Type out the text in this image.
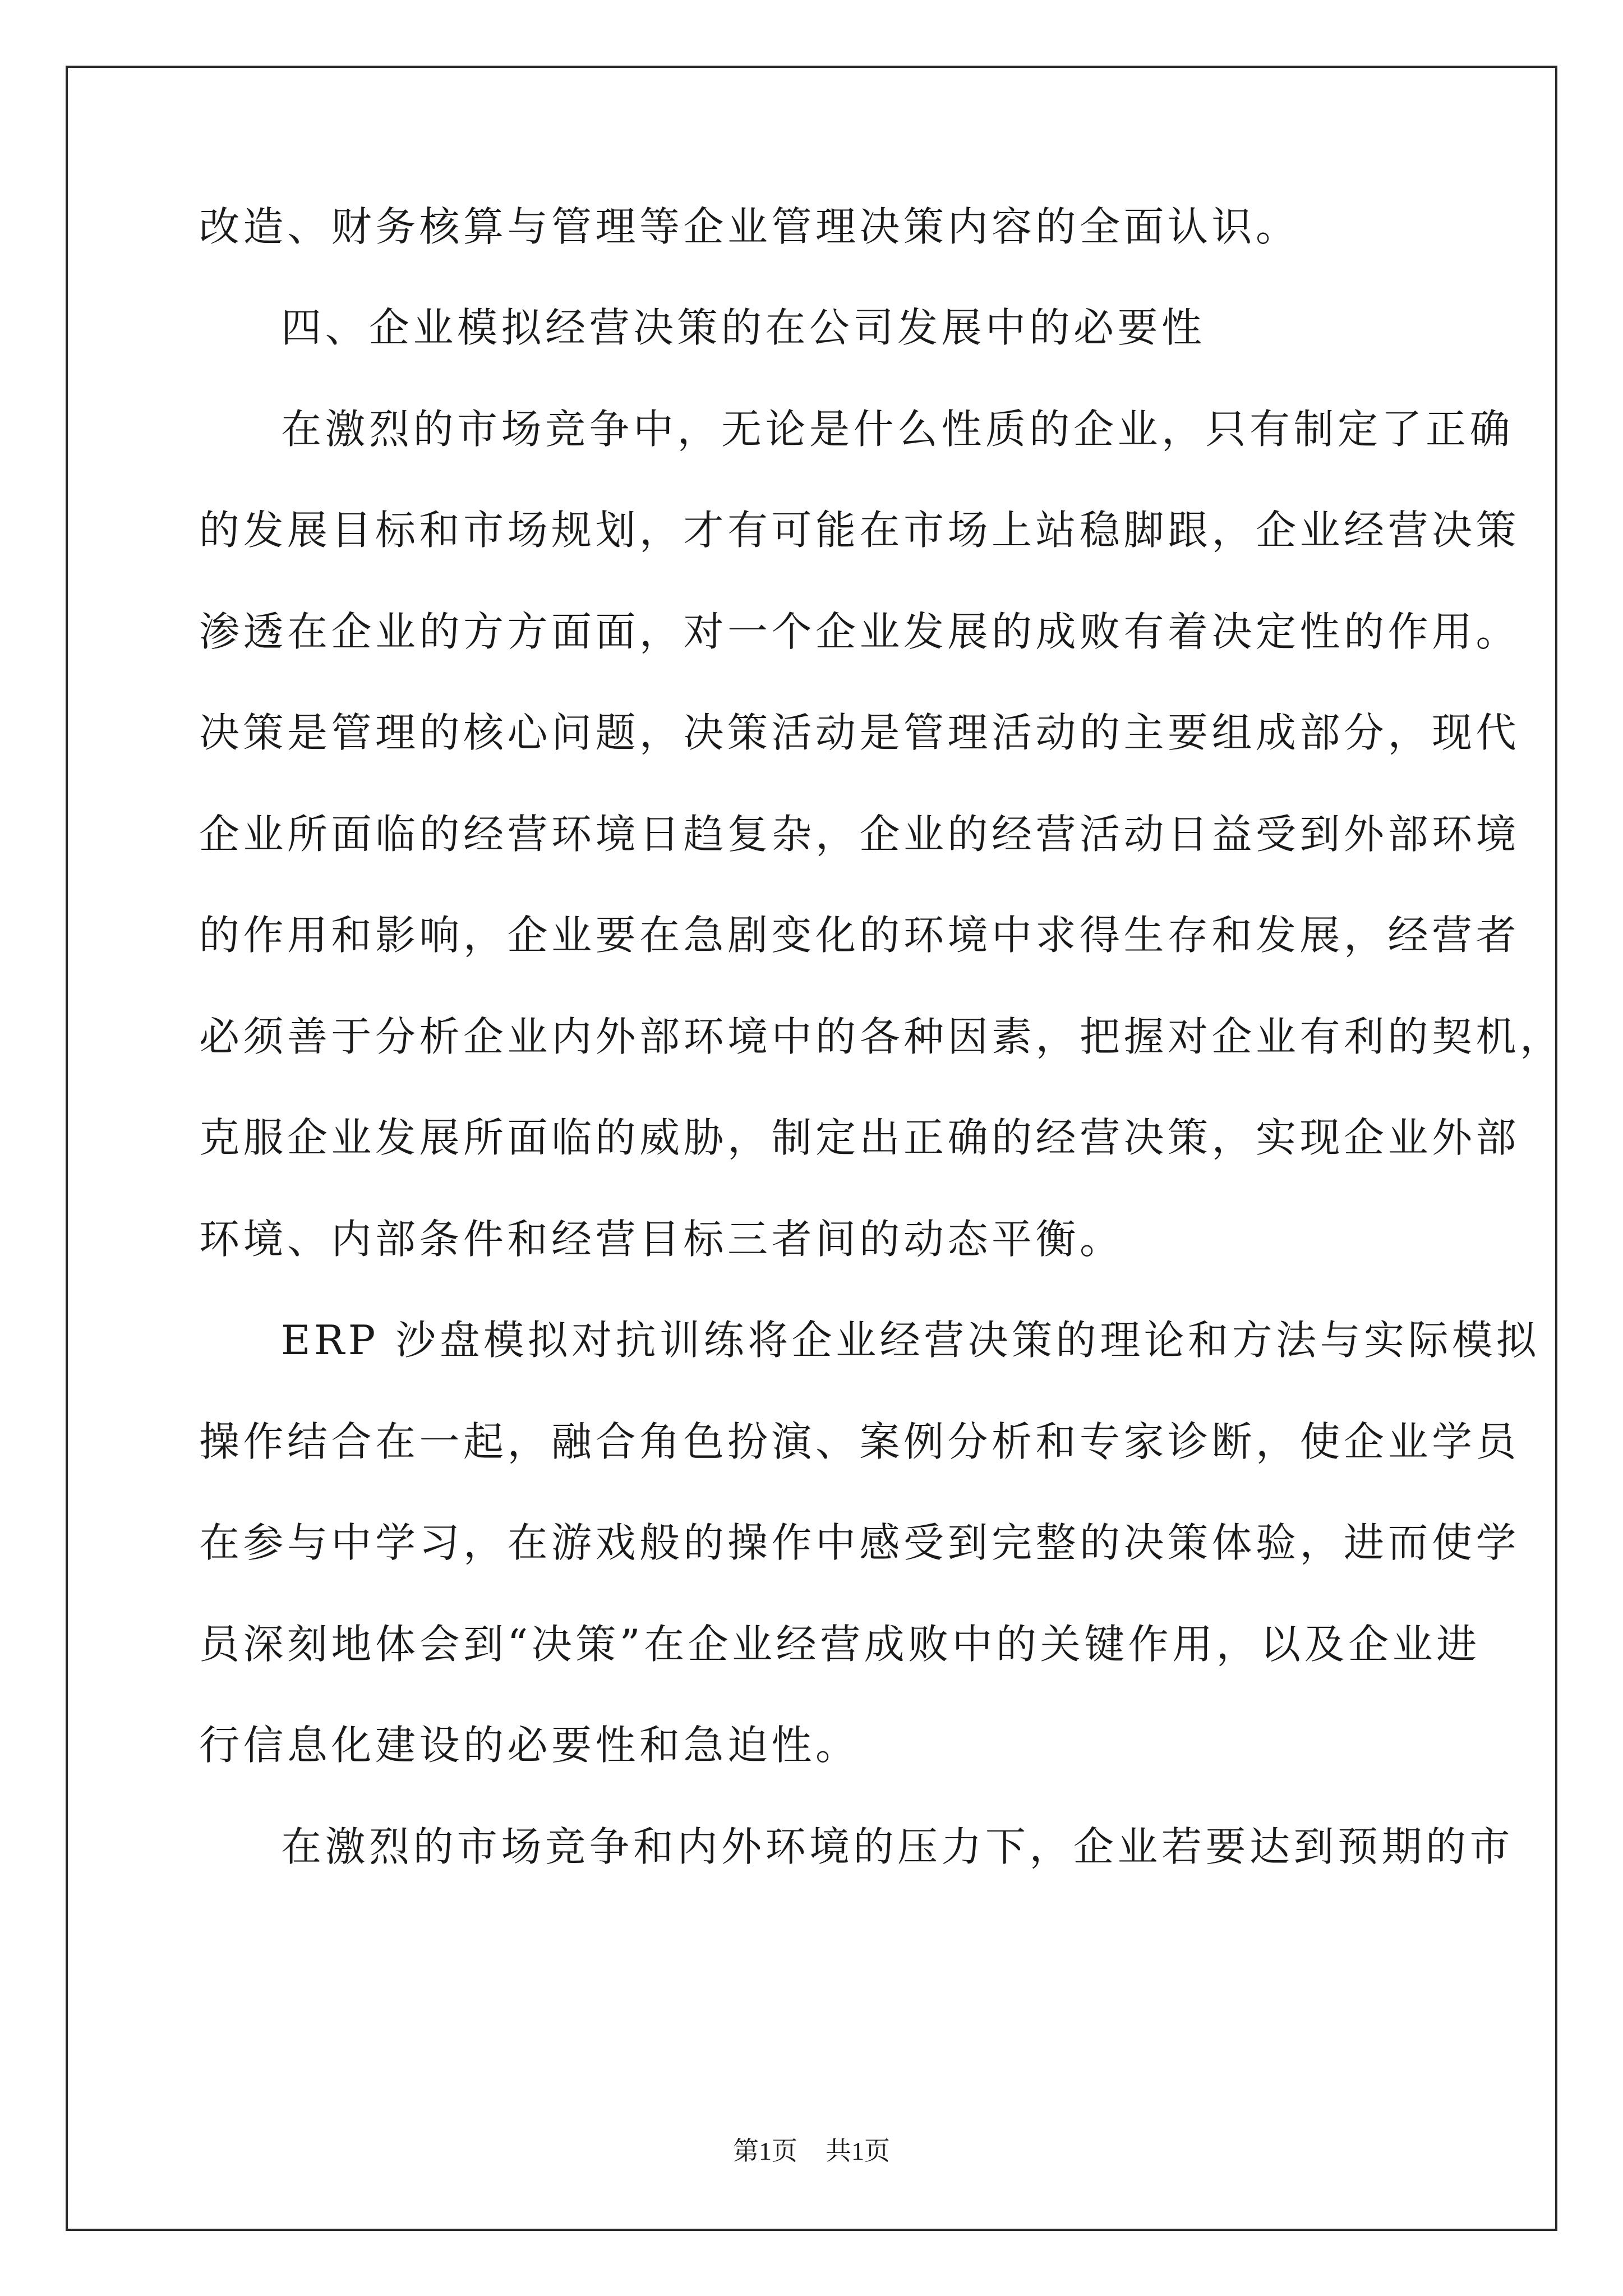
改造、财务核算与管理等企业管理决策内容的全面认识。
四、企业模拟经营决策的在公司发展中的必要性
在激烈的市场竞争中，无论是什么性质的企业，只有制定了正确
的发展目标和市场规划，才有可能在市场上站稳脚跟，企业经营决策
渗透在企业的方方面面，对一个企业发展的成败有着决定性的作用。
决策是管理的核心问题，决策活动是管理活动的主要组成部分，现代
企业所面临的经营环境日趋复杂，企业的经营活动日益受到外部环境
的作用和影响，企业要在急剧变化的环境中求得生存和发展，经营者
必须善于分析企业内外部环境中的各种因素，把握对企业有利的契机，
克服企业发展所面临的威胁，制定出正确的经营决策，实现企业外部
环境、内部条件和经营目标三者间的动态平衡。
ERP 沙盘模拟对抗训练将企业经营决策的理论和方法与实际模拟
操作结合在一起，融合角色扮演、案例分析和专家诊断，使企业学员
在参与中学习，在游戏般的操作中感受到完整的决策体验，进而使学
员深刻地体会到“决策”在企业经营成败中的关键作用，以及企业进
行信息化建设的必要性和急迫性。
在激烈的市场竞争和内外环境的压力下，企业若要达到预期的市
第1页 共1页
